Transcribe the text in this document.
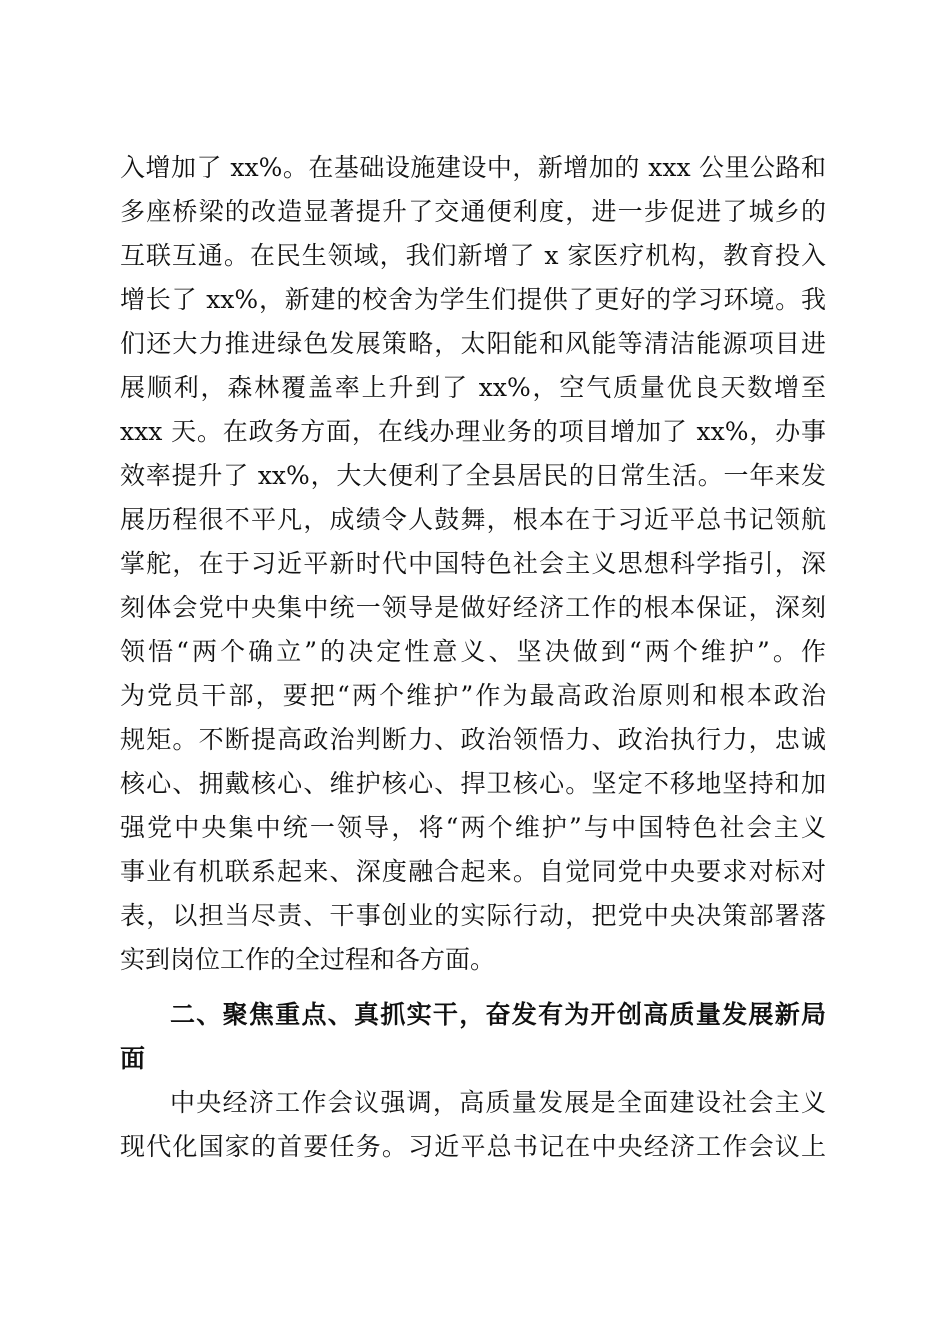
入增加了 xx%。在基础设施建设中，新增加的 xxx 公里公路和
多座桥梁的改造显著提升了交通便利度，进一步促进了城乡的
互联互通。在民生领域，我们新增了 x 家医疗机构，教育投入
增长了 xx%，新建的校舍为学生们提供了更好的学习环境。我
们还大力推进绿色发展策略，太阳能和风能等清洁能源项目进
展顺利，森林覆盖率上升到了 xx%，空气质量优良天数增至
xxx 天。在政务方面，在线办理业务的项目增加了 xx%，办事
效率提升了 xx%，大大便利了全县居民的日常生活。一年来发
展历程很不平凡，成绩令人鼓舞，根本在于习近平总书记领航
掌舵，在于习近平新时代中国特色社会主义思想科学指引，深
刻体会党中央集中统一领导是做好经济工作的根本保证，深刻
领悟“两个确立”的决定性意义、坚决做到“两个维护”。作
为党员干部，要把“两个维护”作为最高政治原则和根本政治
规矩。不断提高政治判断力、政治领悟力、政治执行力，忠诚
核心、拥戴核心、维护核心、捍卫核心。坚定不移地坚持和加
强党中央集中统一领导，将“两个维护”与中国特色社会主义
事业有机联系起来、深度融合起来。自觉同党中央要求对标对
表，以担当尽责、干事创业的实际行动，把党中央决策部署落
实到岗位工作的全过程和各方面。
二、聚焦重点、真抓实干，奋发有为开创高质量发展新局
面
中央经济工作会议强调，高质量发展是全面建设社会主义
现代化国家的首要任务。习近平总书记在中央经济工作会议上
